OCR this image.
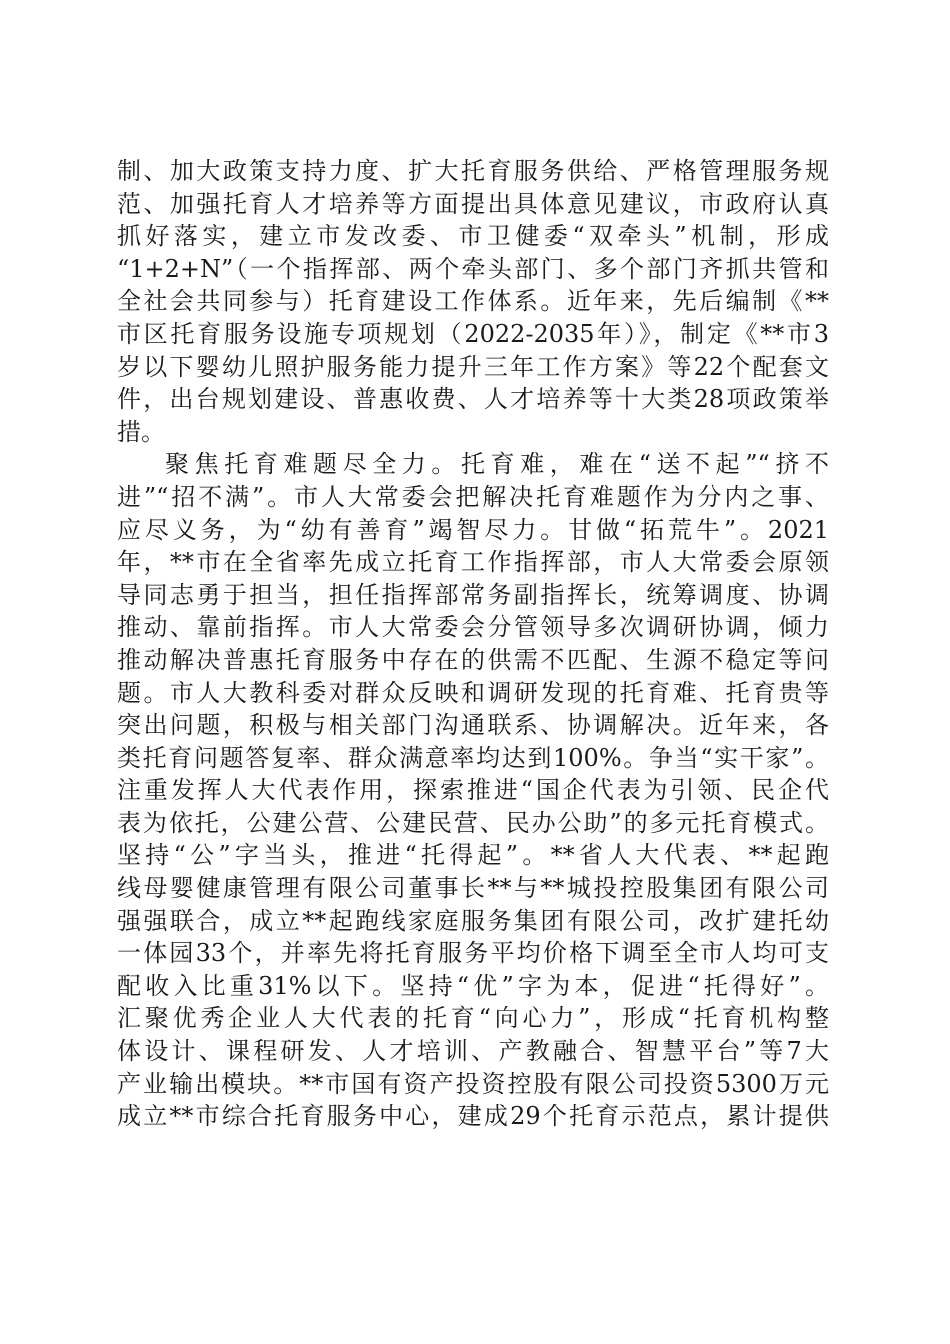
制、加大政策支持力度、扩大托育服务供给、严格管理服务规
范、加强托育人才培养等方面提出具体意见建议，市政府认真
抓好落实，建立市发改委、市卫健委“双牵头”机制，形成
“1+2+N”（一个指挥部、两个牵头部门、多个部门齐抓共管和
全社会共同参与）托育建设工作体系。近年来，先后编制《**
市区托育服务设施专项规划（2022-2035年）》，制定《**市3
岁以下婴幼儿照护服务能力提升三年工作方案》等22个配套文
件，出台规划建设、普惠收费、人才培养等十大类28项政策举
措。
聚焦托育难题尽全力。托育难，难在“送不起”“挤不
进”“招不满”。市人大常委会把解决托育难题作为分内之事、
应尽义务，为“幼有善育”竭智尽力。甘做“拓荒牛”。2021
年，**市在全省率先成立托育工作指挥部，市人大常委会原领
导同志勇于担当，担任指挥部常务副指挥长，统筹调度、协调
推动、靠前指挥。市人大常委会分管领导多次调研协调，倾力
推动解决普惠托育服务中存在的供需不匹配、生源不稳定等问
题。市人大教科委对群众反映和调研发现的托育难、托育贵等
突出问题，积极与相关部门沟通联系、协调解决。近年来，各
类托育问题答复率、群众满意率均达到100%。争当“实干家”。
注重发挥人大代表作用，探索推进“国企代表为引领、民企代
表为依托，公建公营、公建民营、民办公助”的多元托育模式。
坚持“公”字当头，推进“托得起”。**省人大代表、**起跑
线母婴健康管理有限公司董事长**与**城投控股集团有限公司
强强联合，成立**起跑线家庭服务集团有限公司，改扩建托幼
一体园33个，并率先将托育服务平均价格下调至全市人均可支
配收入比重31%以下。坚持“优”字为本，促进“托得好”。
汇聚优秀企业人大代表的托育“向心力”，形成“托育机构整
体设计、课程研发、人才培训、产教融合、智慧平台”等7大
产业输出模块。**市国有资产投资控股有限公司投资5300万元
成立**市综合托育服务中心，建成29个托育示范点，累计提供
